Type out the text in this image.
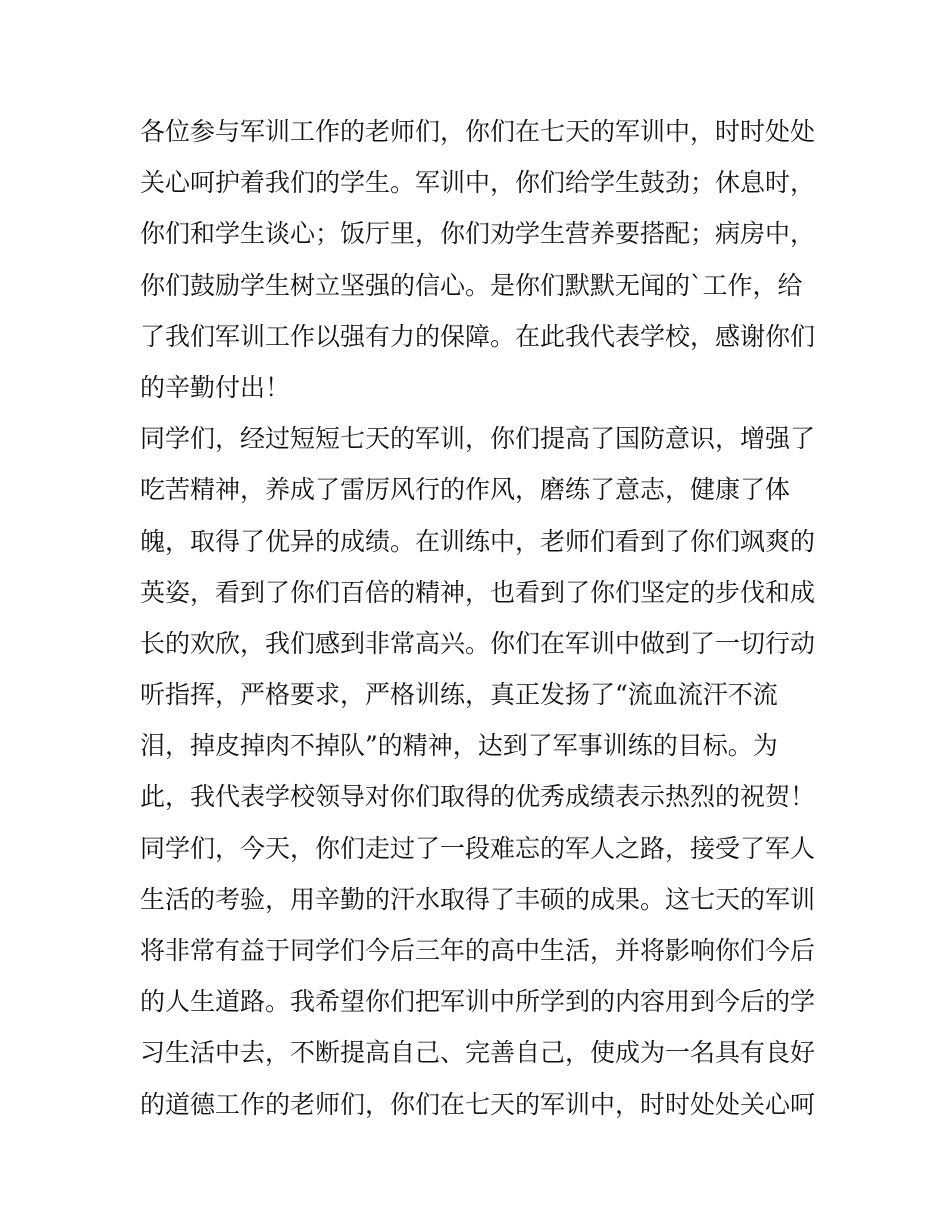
各位参与军训工作的老师们，你们在七天的军训中，时时处处
关心呵护着我们的学生。军训中，你们给学生鼓劲；休息时，
你们和学生谈心；饭厅里，你们劝学生营养要搭配；病房中，
你们鼓励学生树立坚强的信心。是你们默默无闻的`工作，给
了我们军训工作以强有力的保障。在此我代表学校，感谢你们
的辛勤付出！
同学们，经过短短七天的军训，你们提高了国防意识，增强了
吃苦精神，养成了雷厉风行的作风，磨练了意志，健康了体
魄，取得了优异的成绩。在训练中，老师们看到了你们飒爽的
英姿，看到了你们百倍的精神，也看到了你们坚定的步伐和成
长的欢欣，我们感到非常高兴。你们在军训中做到了一切行动
听指挥，严格要求，严格训练，真正发扬了“流血流汗不流
泪，掉皮掉肉不掉队”的精神，达到了军事训练的目标。为
此，我代表学校领导对你们取得的优秀成绩表示热烈的祝贺！
同学们，今天，你们走过了一段难忘的军人之路，接受了军人
生活的考验，用辛勤的汗水取得了丰硕的成果。这七天的军训
将非常有益于同学们今后三年的高中生活，并将影响你们今后
的人生道路。我希望你们把军训中所学到的内容用到今后的学
习生活中去，不断提高自己、完善自己，使成为一名具有良好
的道德工作的老师们，你们在七天的军训中，时时处处关心呵
